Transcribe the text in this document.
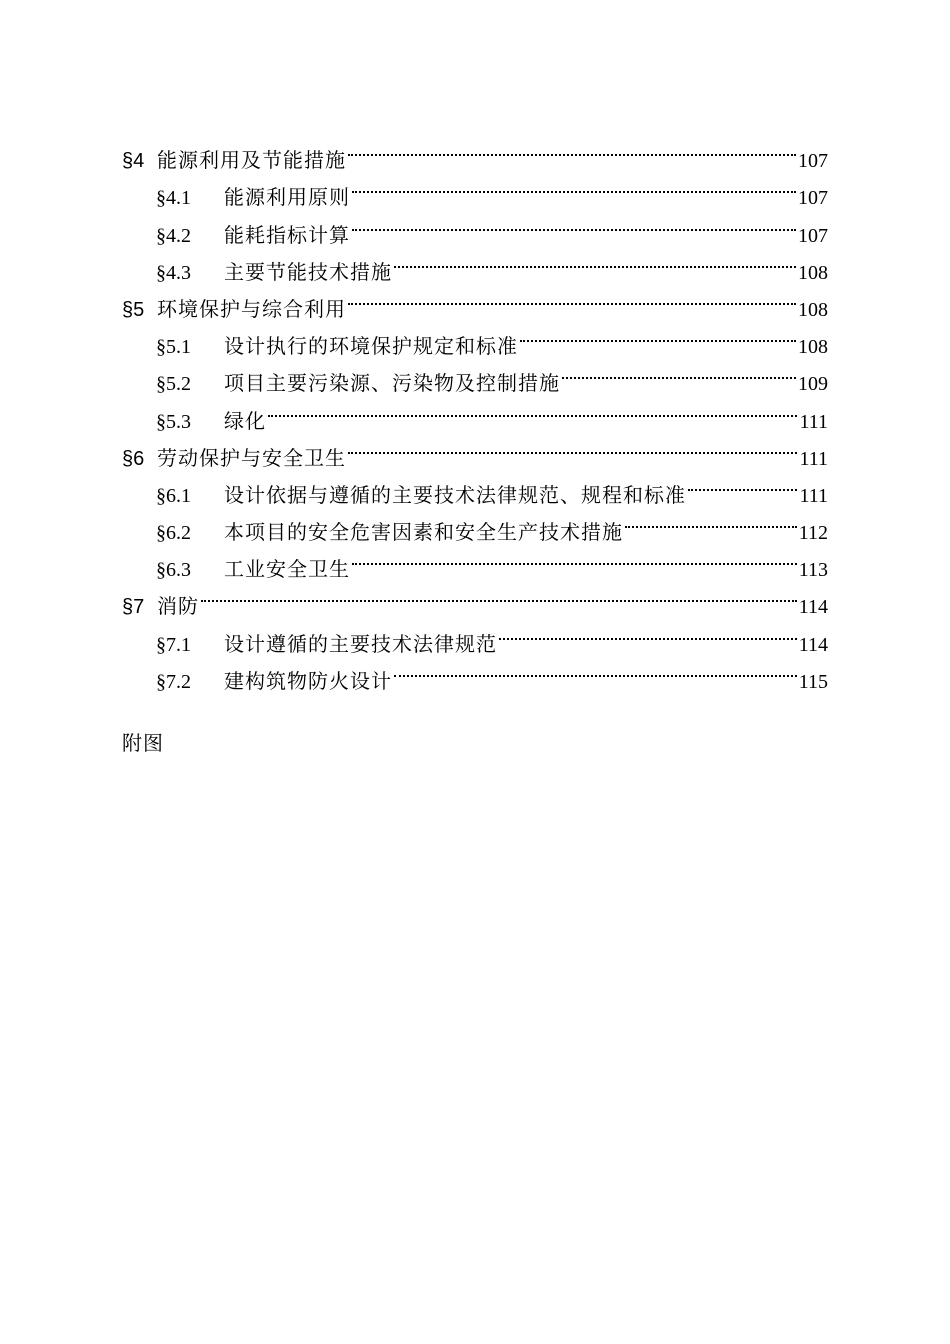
§4 能源利用及节能措施	107
§4.1	能源利用原则	107
§4.2	能耗指标计算	107
§4.3	主要节能技术措施	108
§5 环境保护与综合利用	108
§5.1	设计执行的环境保护规定和标准	108
§5.2	项目主要污染源、污染物及控制措施	109
§5.3	绿化	111
§6 劳动保护与安全卫生	111
§6.1	设计依据与遵循的主要技术法律规范、规程和标准	111
§6.2	本项目的安全危害因素和安全生产技术措施	112
§6.3	工业安全卫生	113
§7 消防	114
§7.1	设计遵循的主要技术法律规范	114
§7.2	建构筑物防火设计	115
附图
